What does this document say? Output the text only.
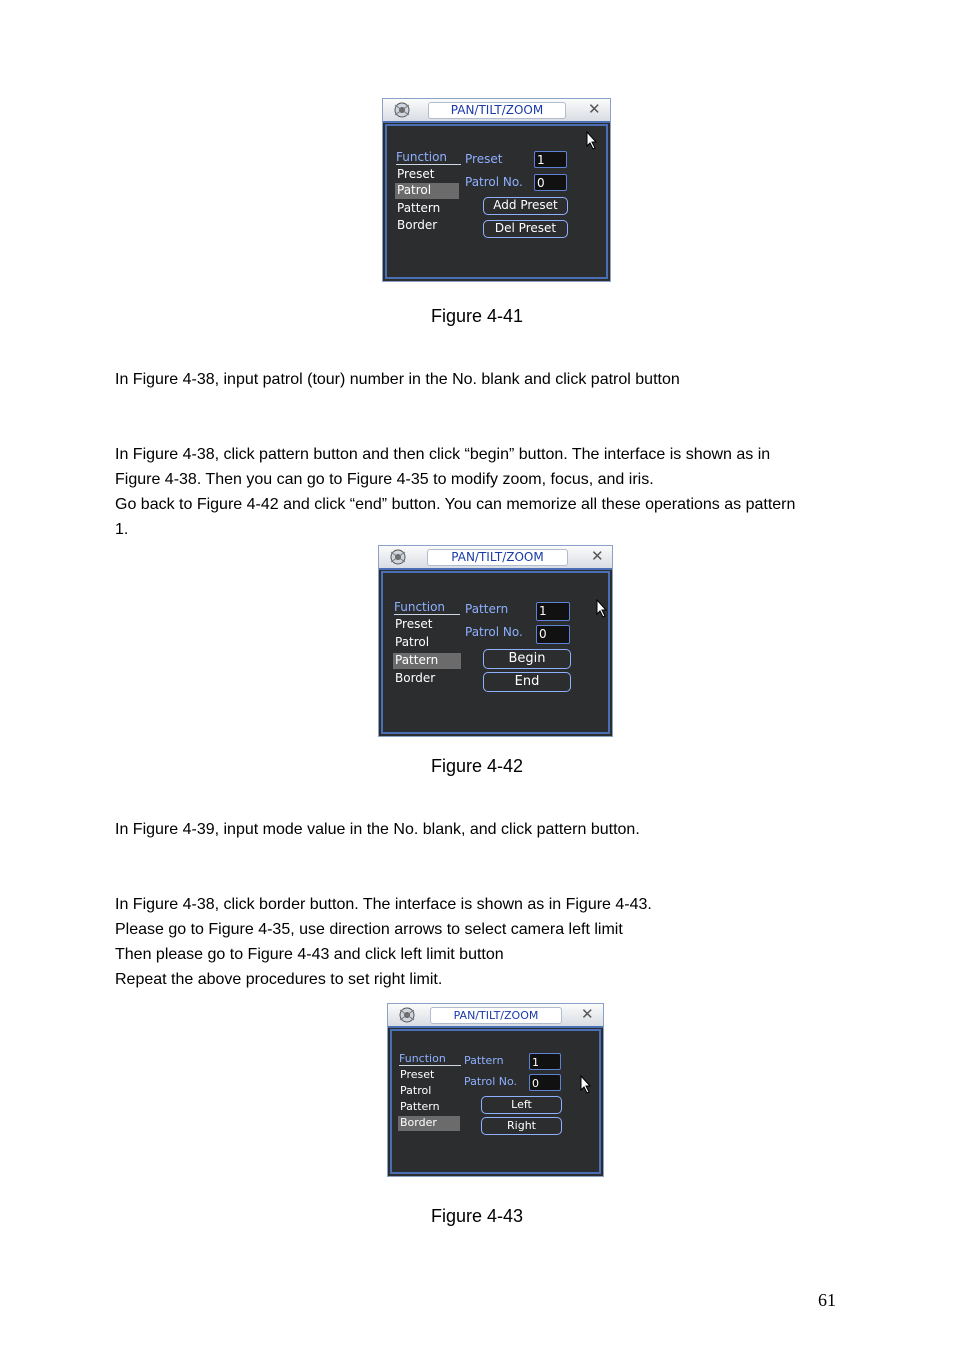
PAN/TILT/ZOOM	✕
Function
Preset
Patrol
Pattern
Border
Preset	1
Patrol No. 0
Add Preset
Del Preset
Figure 4-41
In Figure 4-38, input patrol (tour) number in the No. blank and click patrol button
In Figure 4-38, click pattern button and then click “begin” button. The interface is shown as in
Figure 4-38. Then you can go to Figure 4-35 to modify zoom, focus, and iris.
Go back to Figure 4-42 and click “end” button. You can memorize all these operations as pattern
1.
PAN/TILT/ZOOM	✕
Function
Preset
Patrol
Pattern
Border
Pattern	1
Patrol No. 0
Begin
End
Figure 4-42
In Figure 4-39, input mode value in the No. blank, and click pattern button.
In Figure 4-38, click border button. The interface is shown as in Figure 4-43.
Please go to Figure 4-35, use direction arrows to select camera left limit
Then please go to Figure 4-43 and click left limit button
Repeat the above procedures to set right limit.
PAN/TILT/ZOOM	✕
Function
Preset
Patrol
Pattern
Border
Pattern	1
Patrol No. 0
Left
Right
Figure 4-43
61
